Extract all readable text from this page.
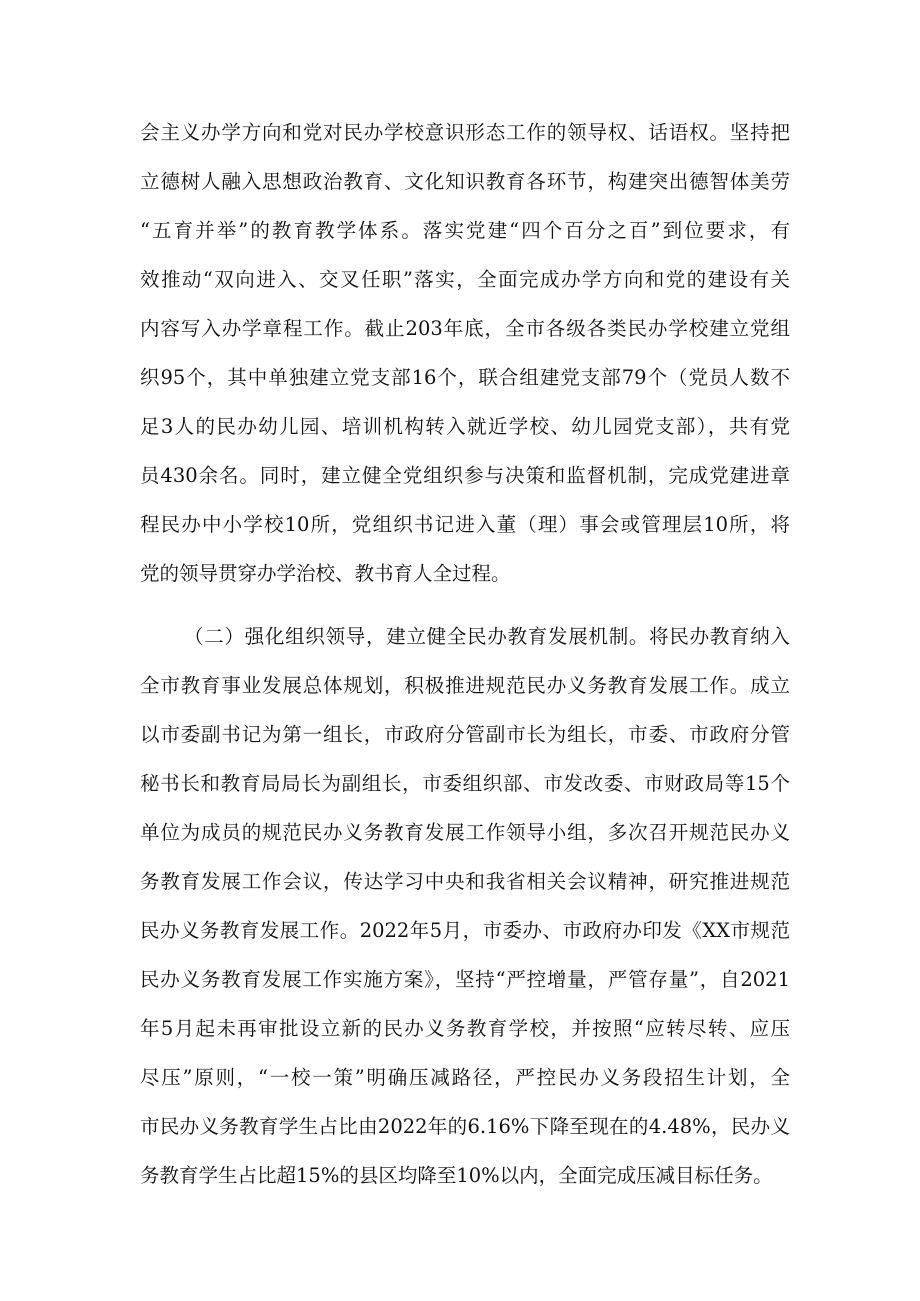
会主义办学方向和党对民办学校意识形态工作的领导权、话语权。坚持把
立德树人融入思想政治教育、文化知识教育各环节，构建突出德智体美劳
“五育并举”的教育教学体系。落实党建“四个百分之百”到位要求，有
效推动“双向进入、交叉任职”落实，全面完成办学方向和党的建设有关
内容写入办学章程工作。截止203年底，全市各级各类民办学校建立党组
织95个，其中单独建立党支部16个，联合组建党支部79个（党员人数不
足3人的民办幼儿园、培训机构转入就近学校、幼儿园党支部），共有党
员430余名。同时，建立健全党组织参与决策和监督机制，完成党建进章
程民办中小学校10所，党组织书记进入董（理）事会或管理层10所，将
党的领导贯穿办学治校、教书育人全过程。
（二）强化组织领导，建立健全民办教育发展机制。将民办教育纳入
全市教育事业发展总体规划，积极推进规范民办义务教育发展工作。成立
以市委副书记为第一组长，市政府分管副市长为组长，市委、市政府分管
秘书长和教育局局长为副组长，市委组织部、市发改委、市财政局等15个
单位为成员的规范民办义务教育发展工作领导小组，多次召开规范民办义
务教育发展工作会议，传达学习中央和我省相关会议精神，研究推进规范
民办义务教育发展工作。2022年5月，市委办、市政府办印发《XX市规范
民办义务教育发展工作实施方案》，坚持“严控增量，严管存量”，自2021
年5月起未再审批设立新的民办义务教育学校，并按照“应转尽转、应压
尽压”原则，“一校一策”明确压减路径，严控民办义务段招生计划，全
市民办义务教育学生占比由2022年的6.16%下降至现在的4.48%，民办义
务教育学生占比超15%的县区均降至10%以内，全面完成压减目标任务。
